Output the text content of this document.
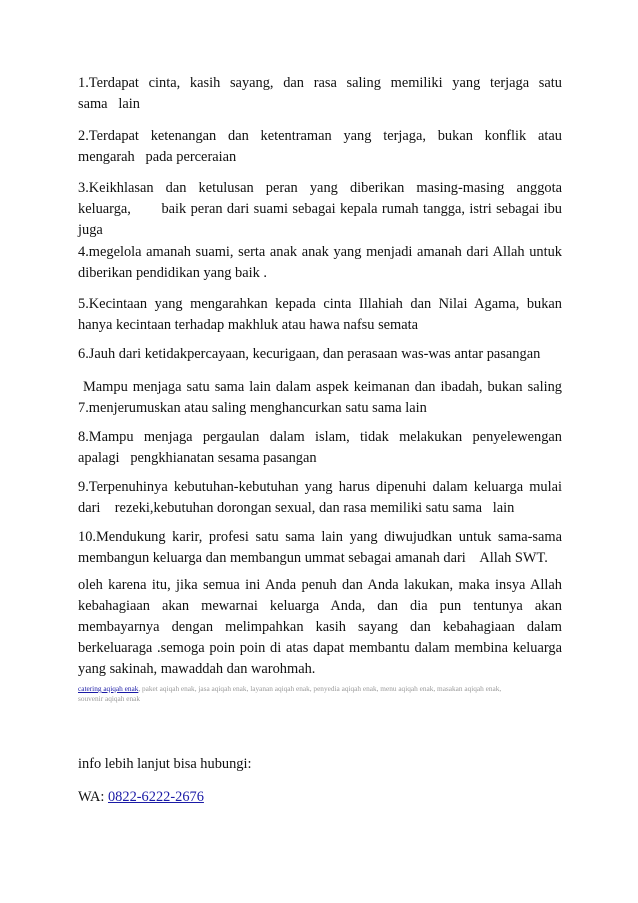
1.Terdapat cinta, kasih sayang, dan rasa saling memiliki yang terjaga satu
sama   lain
2.Terdapat ketenangan dan ketentraman yang terjaga, bukan konflik atau
mengarah   pada perceraian
3.Keikhlasan dan ketulusan peran yang diberikan masing-masing anggota
keluarga,       baik peran dari suami sebagai kepala rumah tangga, istri sebagai ibu
juga
4.megelola amanah suami, serta anak anak yang menjadi amanah dari Allah untuk
diberikan pendidikan yang baik .
5.Kecintaan yang mengarahkan kepada cinta Illahiah dan Nilai Agama, bukan
hanya kecintaan terhadap makhluk atau hawa nafsu semata
6.Jauh dari ketidakpercayaan, kecurigaan, dan perasaan was-was antar pasangan
Mampu menjaga satu sama lain dalam aspek keimanan dan ibadah, bukan saling
7.menjerumuskan atau saling menghancurkan satu sama lain
8.Mampu menjaga pergaulan dalam islam, tidak melakukan penyelewengan
apalagi   pengkhianatan sesama pasangan
9.Terpenuhinya kebutuhan-kebutuhan yang harus dipenuhi dalam keluarga mulai
dari    rezeki,kebutuhan dorongan sexual, dan rasa memiliki satu sama   lain
10.Mendukung karir, profesi satu sama lain yang diwujudkan untuk sama-sama
membangun keluarga dan membangun ummat sebagai amanah dari    Allah SWT.
oleh karena itu, jika semua ini Anda penuh dan Anda lakukan, maka insya Allah
kebahagiaan akan mewarnai keluarga Anda, dan dia pun tentunya akan
membayarnya dengan melimpahkan kasih sayang dan kebahagiaan dalam
berkeluaraga .semoga poin poin di atas dapat membantu dalam membina keluarga
yang sakinah, mawaddah dan warohmah.
catering aqiqah enak, paket aqiqah enak, jasa aqiqah enak, layanan aqiqah enak, penyedia aqiqah enak, menu aqiqah enak, masakan aqiqah enak,
souvenir aqiqah enak
info lebih lanjut bisa hubungi:
WA: 0822-6222-2676
